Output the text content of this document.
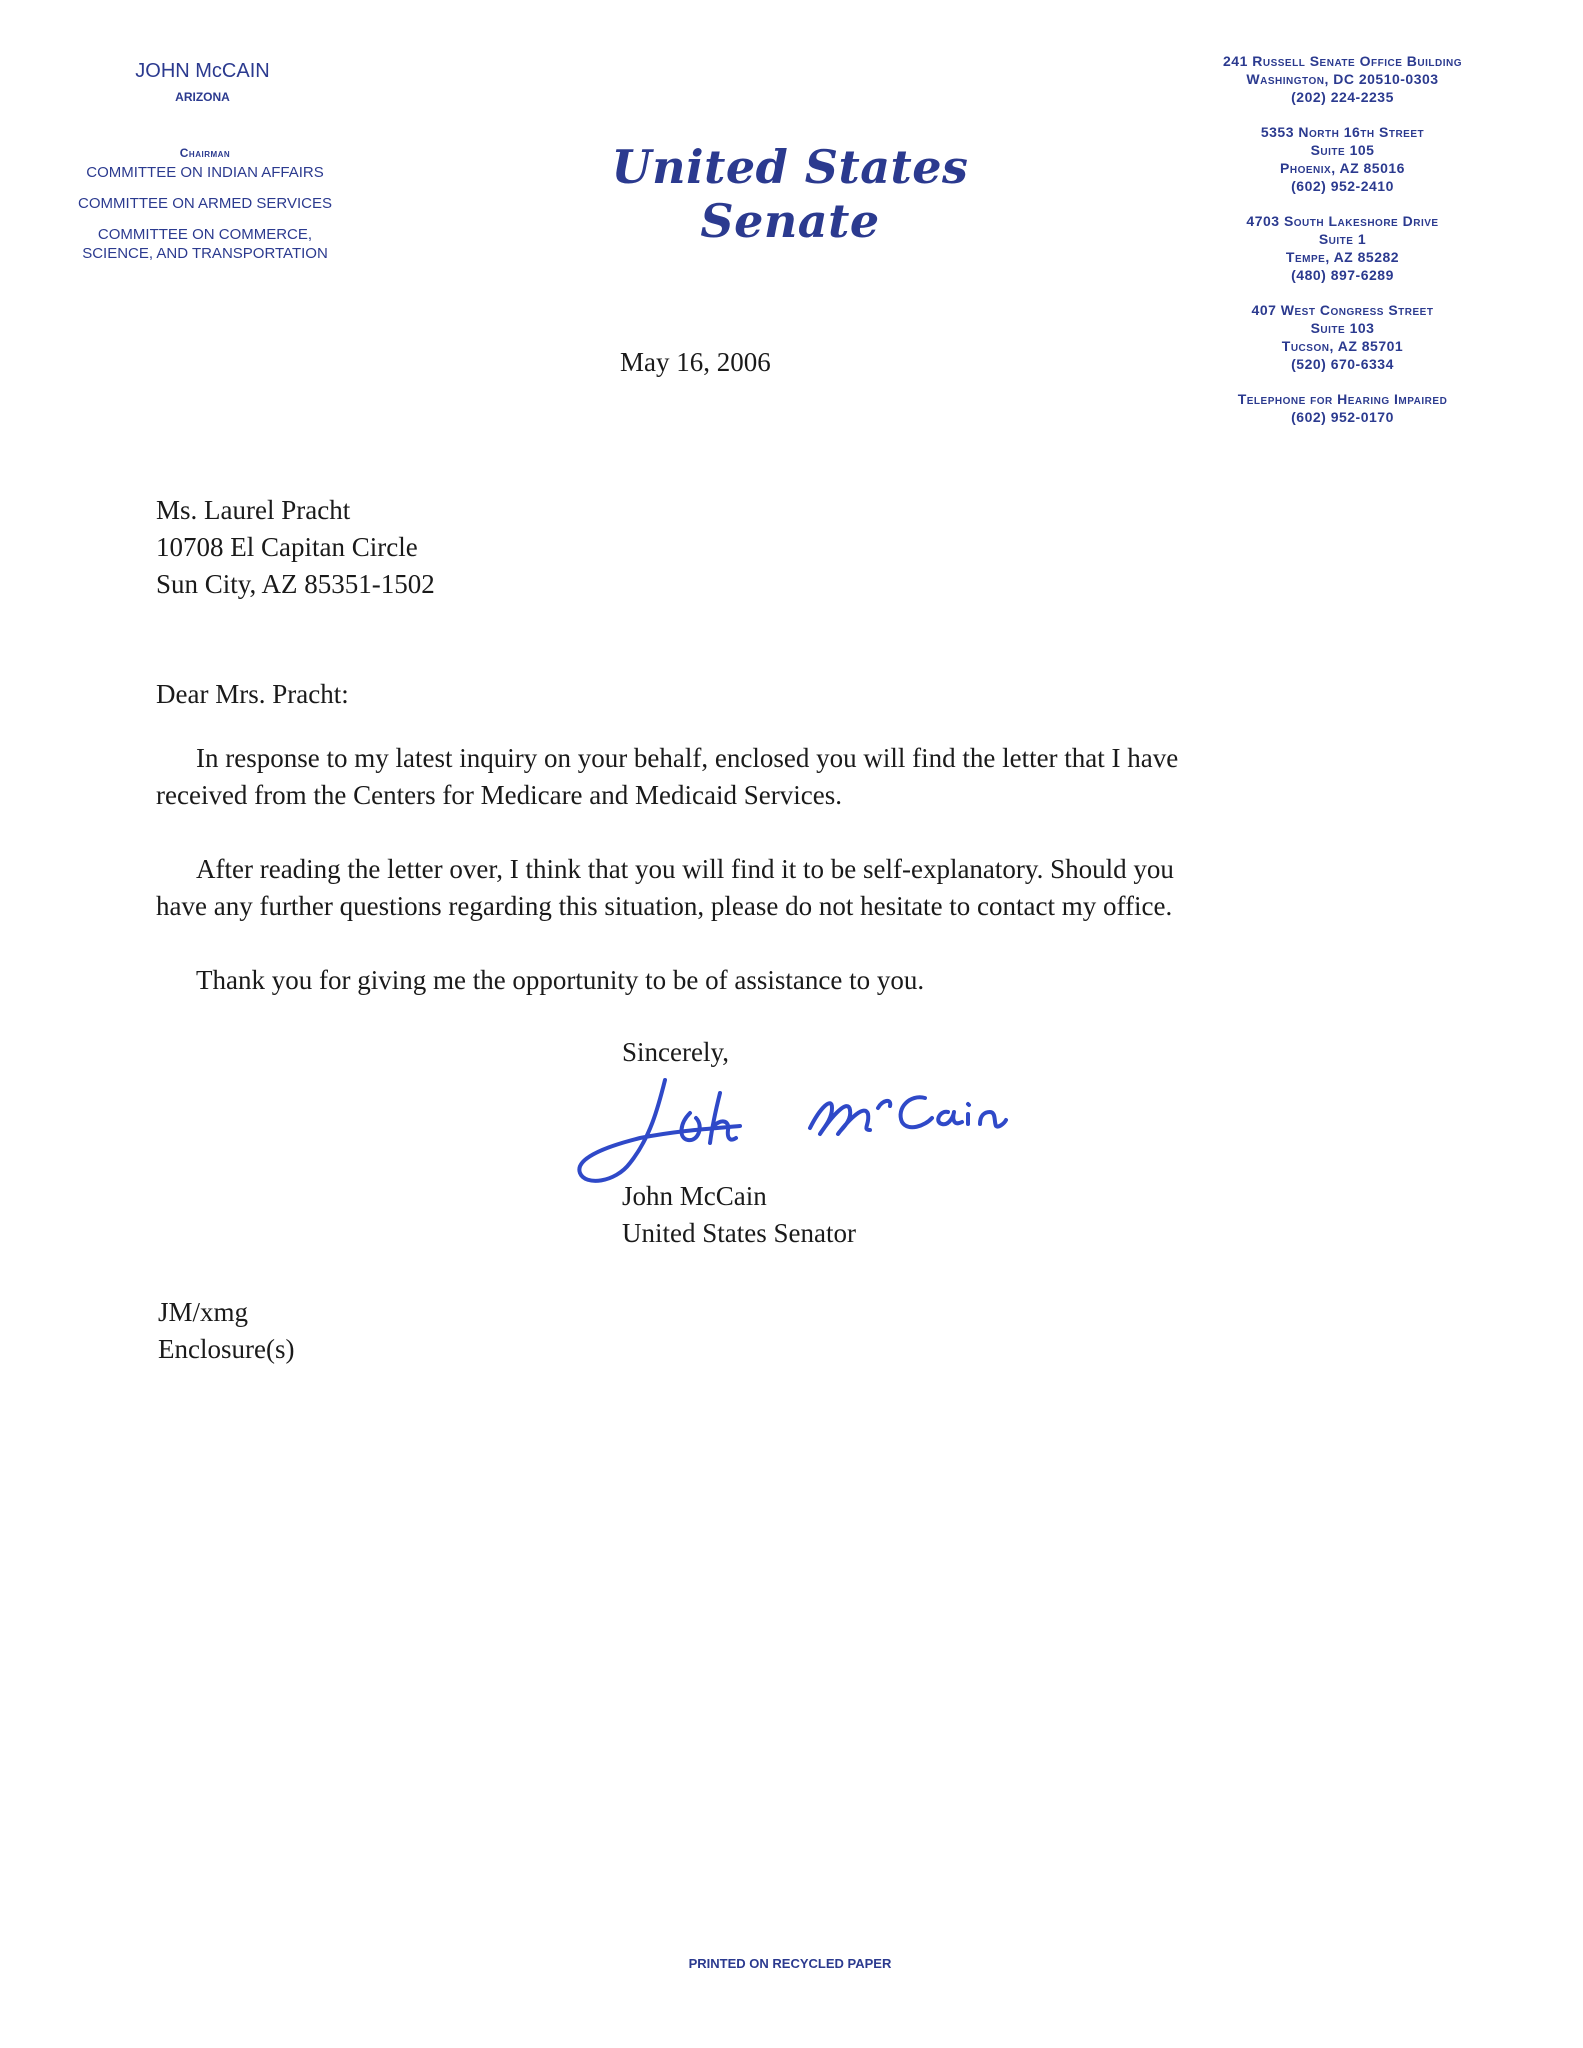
JOHN McCAIN
ARIZONA
Chairman
COMMITTEE ON INDIAN AFFAIRS
COMMITTEE ON ARMED SERVICES
COMMITTEE ON COMMERCE,
SCIENCE, AND TRANSPORTATION
United States Senate
241 Russell Senate Office Building
Washington, DC 20510-0303
(202) 224-2235
5353 North 16th Street
Suite 105
Phoenix, AZ 85016
(602) 952-2410
4703 South Lakeshore Drive
Suite 1
Tempe, AZ 85282
(480) 897-6289
407 West Congress Street
Suite 103
Tucson, AZ 85701
(520) 670-6334
Telephone for Hearing Impaired
(602) 952-0170
May 16, 2006
Ms. Laurel Pracht
10708 El Capitan Circle
Sun City, AZ 85351-1502
Dear Mrs. Pracht:
In response to my latest inquiry on your behalf, enclosed you will find the letter that I have
received from the Centers for Medicare and Medicaid Services.
After reading the letter over, I think that you will find it to be self-explanatory. Should you
have any further questions regarding this situation, please do not hesitate to contact my office.
Thank you for giving me the opportunity to be of assistance to you.
Sincerely,
John McCain
United States Senator
JM/xmg
Enclosure(s)
PRINTED ON RECYCLED PAPER
